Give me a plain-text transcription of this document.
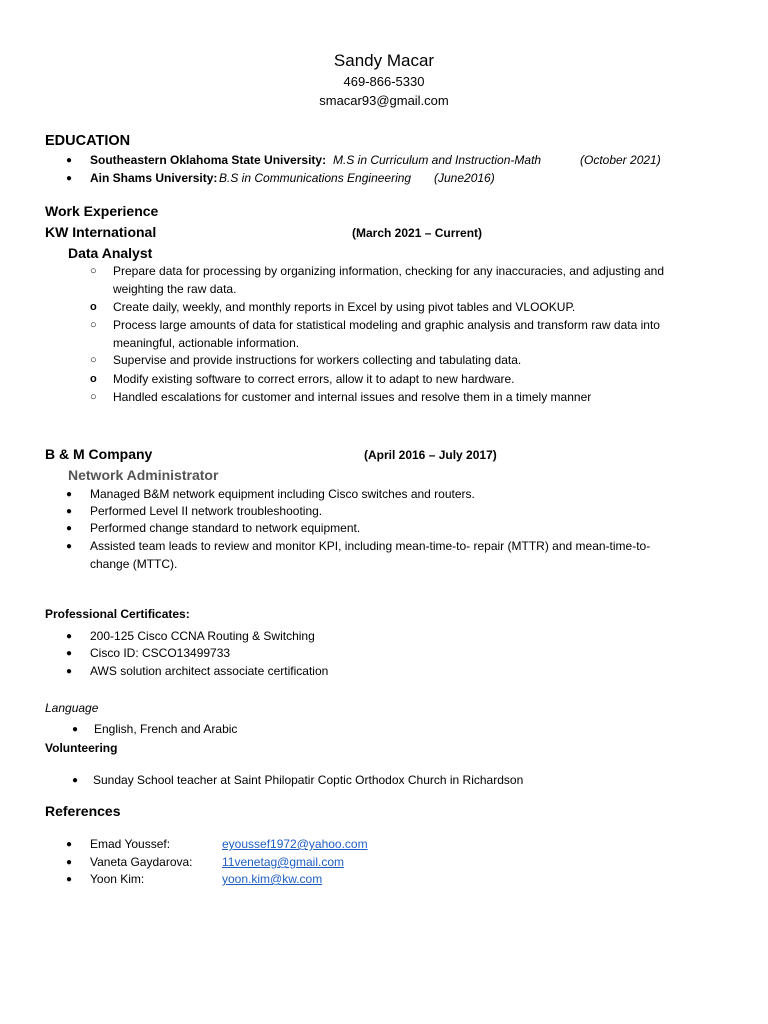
Sandy Macar
469-866-5330
smacar93@gmail.com
EDUCATION
● Southeastern Oklahoma State University: M.S in Curriculum and Instruction-Math	(October 2021)
● Ain Shams University: B.S in Communications Engineering (June2016)
Work Experience
KW International	(March 2021 – Current)
Data Analyst
○ Prepare data for processing by organizing information, checking for any inaccuracies, and adjusting and
weighting the raw data.
o Create daily, weekly, and monthly reports in Excel by using pivot tables and VLOOKUP.
○ Process large amounts of data for statistical modeling and graphic analysis and transform raw data into
meaningful, actionable information.
○ Supervise and provide instructions for workers collecting and tabulating data.
o Modify existing software to correct errors, allow it to adapt to new hardware.
○ Handled escalations for customer and internal issues and resolve them in a timely manner
B & M Company	(April 2016 – July 2017)
Network Administrator
● Managed B&M network equipment including Cisco switches and routers.
● Performed Level II network troubleshooting.
● Performed change standard to network equipment.
● Assisted team leads to review and monitor KPI, including mean-time-to- repair (MTTR) and mean-time-to-
change (MTTC).
Professional Certificates:
● 200-125 Cisco CCNA Routing & Switching
● Cisco ID: CSCO13499733
● AWS solution architect associate certification
Language
● English, French and Arabic
Volunteering
● Sunday School teacher at Saint Philopatir Coptic Orthodox Church in Richardson
References
● Emad Youssef:	eyoussef1972@yahoo.com
● Vaneta Gaydarova: 11venetag@gmail.com
● Yoon Kim:	yoon.kim@kw.com
